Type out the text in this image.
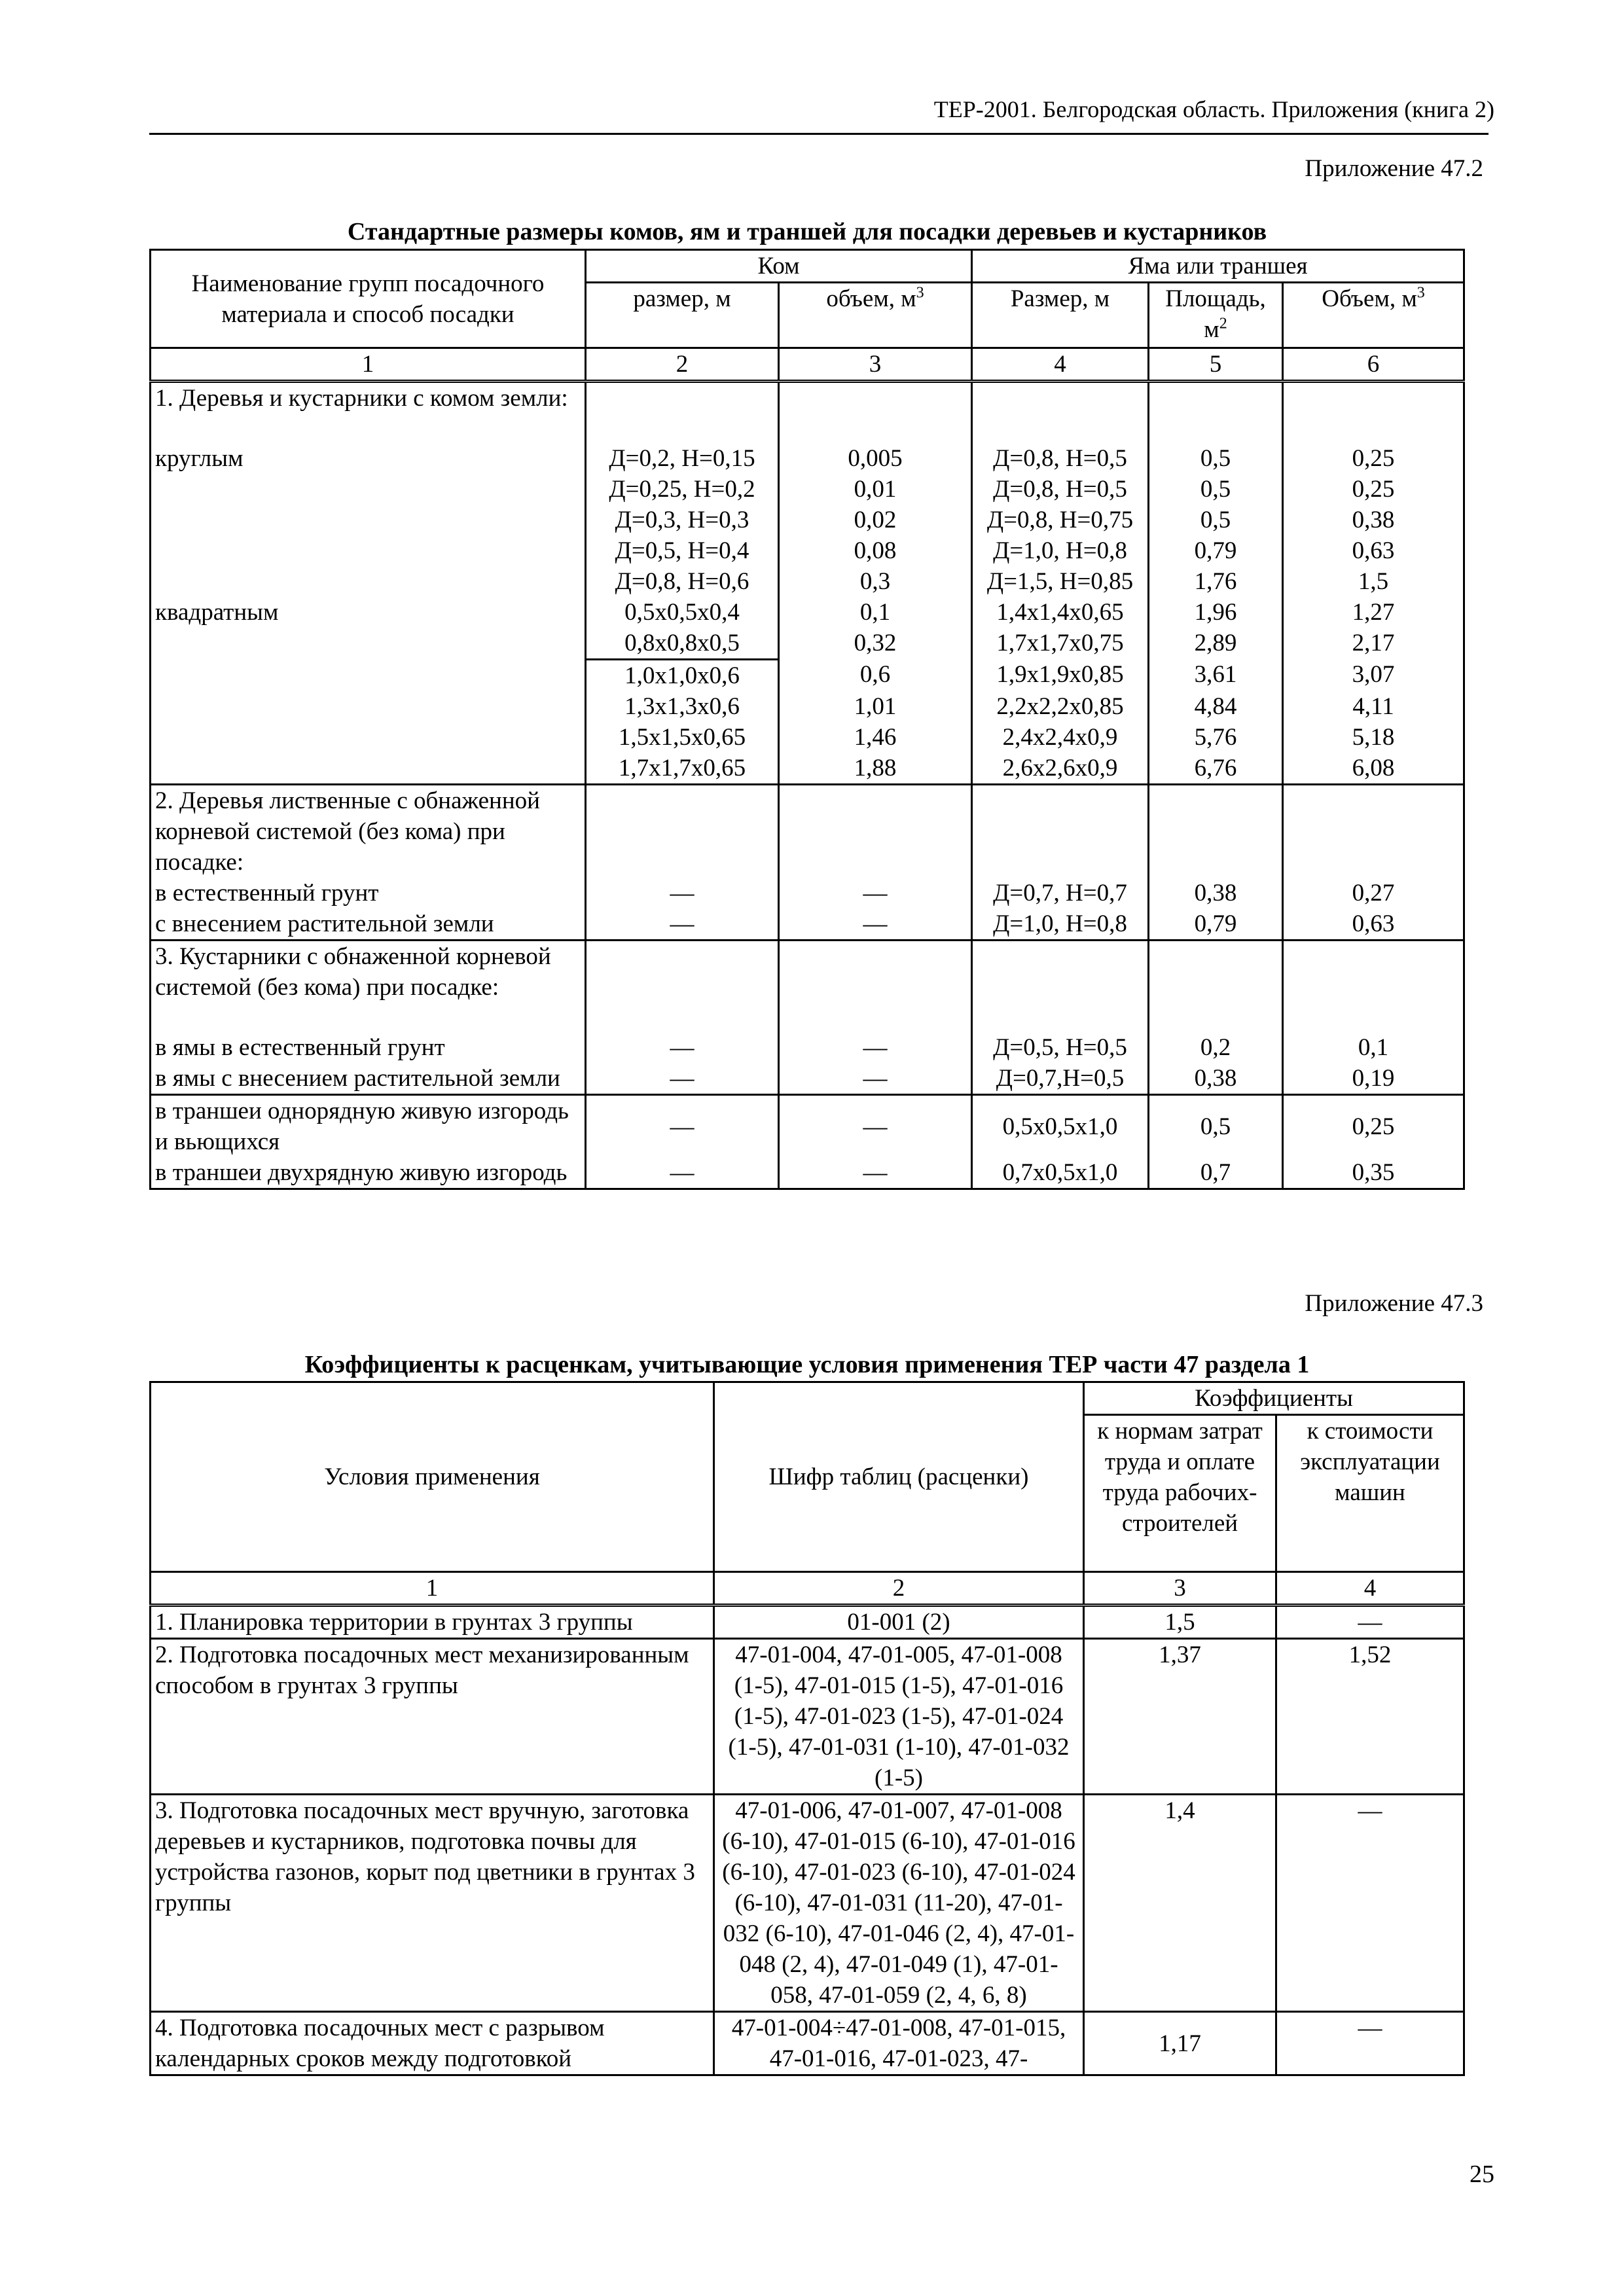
ТЕР-2001. Белгородская область. Приложения (книга 2)
Приложение 47.2
Стандартные размеры комов, ям и траншей для посадки деревьев и кустарников
Наименование групп посадочного материала и способ посадки	Ком		Яма или траншея		
	размер, м	объем, $м^3$	Размер, м	Площадь, $м^2$	Объем, $м^3$
1	2	3	4	5	6
1. Деревья и кустарники с комом земли:					
круглым	Д=0,2, Н=0,15	0,005	Д=0,8, Н=0,5	0,5	0,25
	Д=0,25, Н=0,2	0,01	Д=0,8, Н=0,5	0,5	0,25
	Д=0,3, Н=0,3	0,02	Д=0,8, Н=0,75	0,5	0,38
	Д=0,5, Н=0,4	0,08	Д=1,0, Н=0,8	0,79	0,63
	Д=0,8, Н=0,6	0,3	Д=1,5, Н=0,85	1,76	1,5
квадратным	0,5х0,5х0,4	0,1	1,4х1,4х0,65	1,96	1,27
	0,8х0,8х0,5	0,32	1,7х1,7х0,75	2,89	2,17
	1,0х1,0х0,6	0,6	1,9х1,9х0,85	3,61	3,07
	1,3х1,3х0,6	1,01	2,2х2,2х0,85	4,84	4,11
	1,5х1,5х0,65	1,46	2,4х2,4х0,9	5,76	5,18
	1,7х1,7х0,65	1,88	2,6х2,6х0,9	6,76	6,08
2. Деревья лиственные с обнаженной корневой системой (без кома) при посадке:					
в естественный грунт	—	—	Д=0,7, Н=0,7	0,38	0,27
с внесением растительной земли	—	—	Д=1,0, Н=0,8	0,79	0,63
3. Кустарники с обнаженной корневой системой (без кома) при посадке:					
в ямы в естественный грунт	—	—	Д=0,5, Н=0,5	0,2	0,1
в ямы с внесением растительной земли	—	—	Д=0,7,Н=0,5	0,38	0,19
в траншеи однорядную живую изгородь и вьющихся	—	—	0,5х0,5х1,0	0,5	0,25
в траншеи двухрядную живую изгородь	—	—	0,7х0,5х1,0	0,7	0,35
Приложение 47.3
Коэффициенты к расценкам, учитывающие условия применения ТЕР части 47 раздела 1
Условия применения	Шифр таблиц (расценки)	Коэффициенты	
		к нормам затрат труда и оплате труда рабочих-строителей	к стоимости эксплуатации машин
1	2	3	4
1. Планировка территории в грунтах 3 группы	01-001 (2)	1,5	—
2. Подготовка посадочных мест механизированным способом в грунтах 3 группы	47-01-004, 47-01-005, 47-01-008 (1-5), 47-01-015 (1-5), 47-01-016 (1-5), 47-01-023 (1-5), 47-01-024 (1-5), 47-01-031 (1-10), 47-01-032 (1-5)	1,37	1,52
3. Подготовка посадочных мест вручную, заготовка деревьев и кустарников, подготовка почвы для устройства газонов, корыт под цветники в грунтах 3 группы	47-01-006, 47-01-007, 47-01-008 (6-10), 47-01-015 (6-10), 47-01-016 (6-10), 47-01-023 (6-10), 47-01-024 (6-10), 47-01-031 (11-20), 47-01-032 (6-10), 47-01-046 (2, 4), 47-01-048 (2, 4), 47-01-049 (1), 47-01-058, 47-01-059 (2, 4, 6, 8)	1,4	—
4. Подготовка посадочных мест с разрывом календарных сроков между подготовкой	47-01-004÷47-01-008, 47-01-015, 47-01-016, 47-01-023, 47-	1,17	—
25
